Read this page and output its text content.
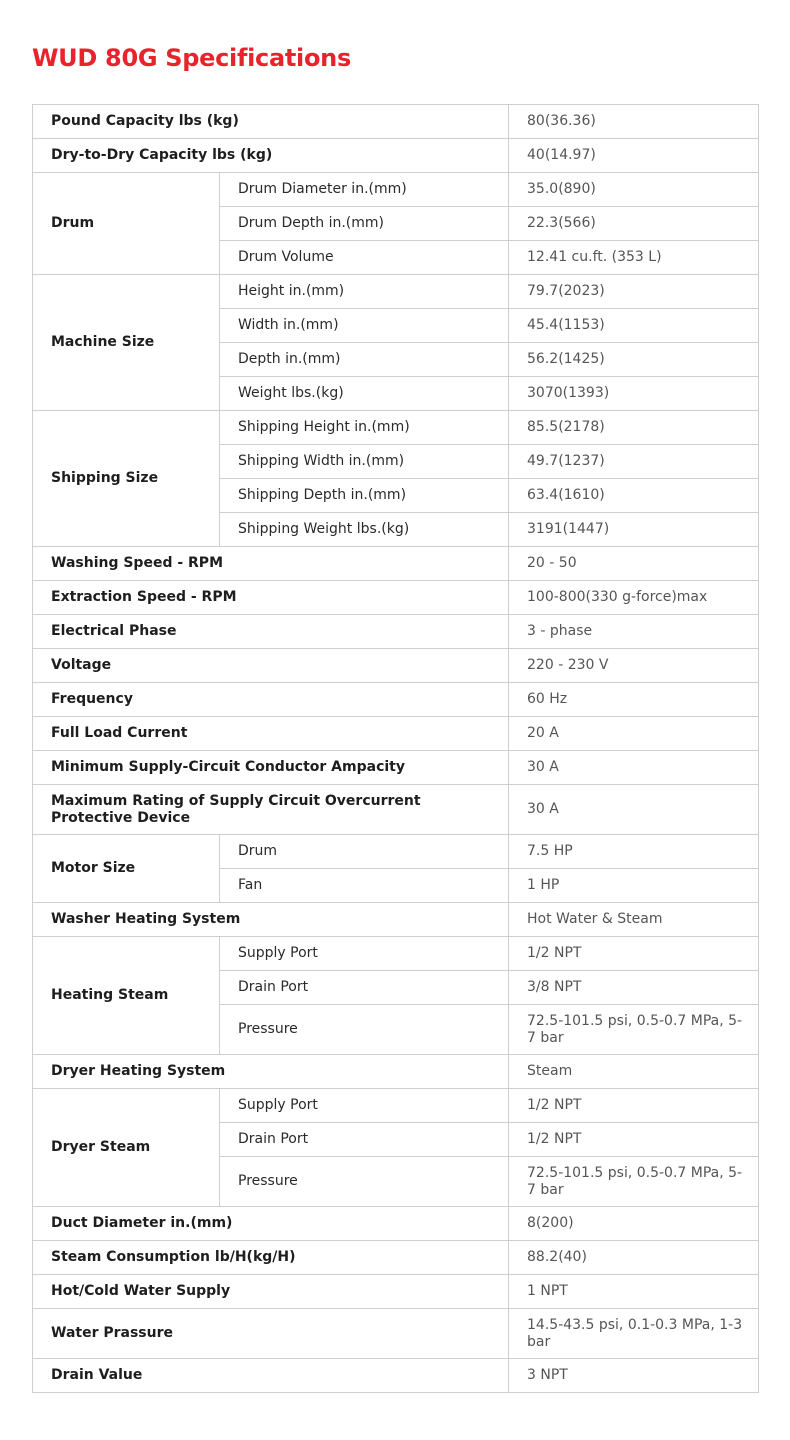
WUD 80G Specifications
Pound Capacity lbs (kg)		80(36.36)
Dry-to-Dry Capacity lbs (kg)		40(14.97)
Drum	Drum Diameter in.(mm)	35.0(890)
	Drum Depth in.(mm)	22.3(566)
	Drum Volume	12.41 cu.ft. (353 L)
Machine Size	Height in.(mm)	79.7(2023)
	Width in.(mm)	45.4(1153)
	Depth in.(mm)	56.2(1425)
	Weight lbs.(kg)	3070(1393)
Shipping Size	Shipping Height in.(mm)	85.5(2178)
	Shipping Width in.(mm)	49.7(1237)
	Shipping Depth in.(mm)	63.4(1610)
	Shipping Weight lbs.(kg)	3191(1447)
Washing Speed - RPM		20 - 50
Extraction Speed - RPM		100-800(330 g-force)max
Electrical Phase		3 - phase
Voltage		220 - 230 V
Frequency		60 Hz
Full Load Current		20 A
Minimum Supply-Circuit Conductor Ampacity		30 A
Maximum Rating of Supply Circuit Overcurrent Protective Device		30 A
Motor Size	Drum	7.5 HP
	Fan	1 HP
Washer Heating System		Hot Water & Steam
Heating Steam	Supply Port	1/2 NPT
	Drain Port	3/8 NPT
	Pressure	72.5-101.5 psi, 0.5-0.7 MPa, 5-7 bar
Dryer Heating System		Steam
Dryer Steam	Supply Port	1/2 NPT
	Drain Port	1/2 NPT
	Pressure	72.5-101.5 psi, 0.5-0.7 MPa, 5-7 bar
Duct Diameter in.(mm)		8(200)
Steam Consumption lb/H(kg/H)		88.2(40)
Hot/Cold Water Supply		1 NPT
Water Prassure		14.5-43.5 psi, 0.1-0.3 MPa, 1-3 bar
Drain Value		3 NPT
